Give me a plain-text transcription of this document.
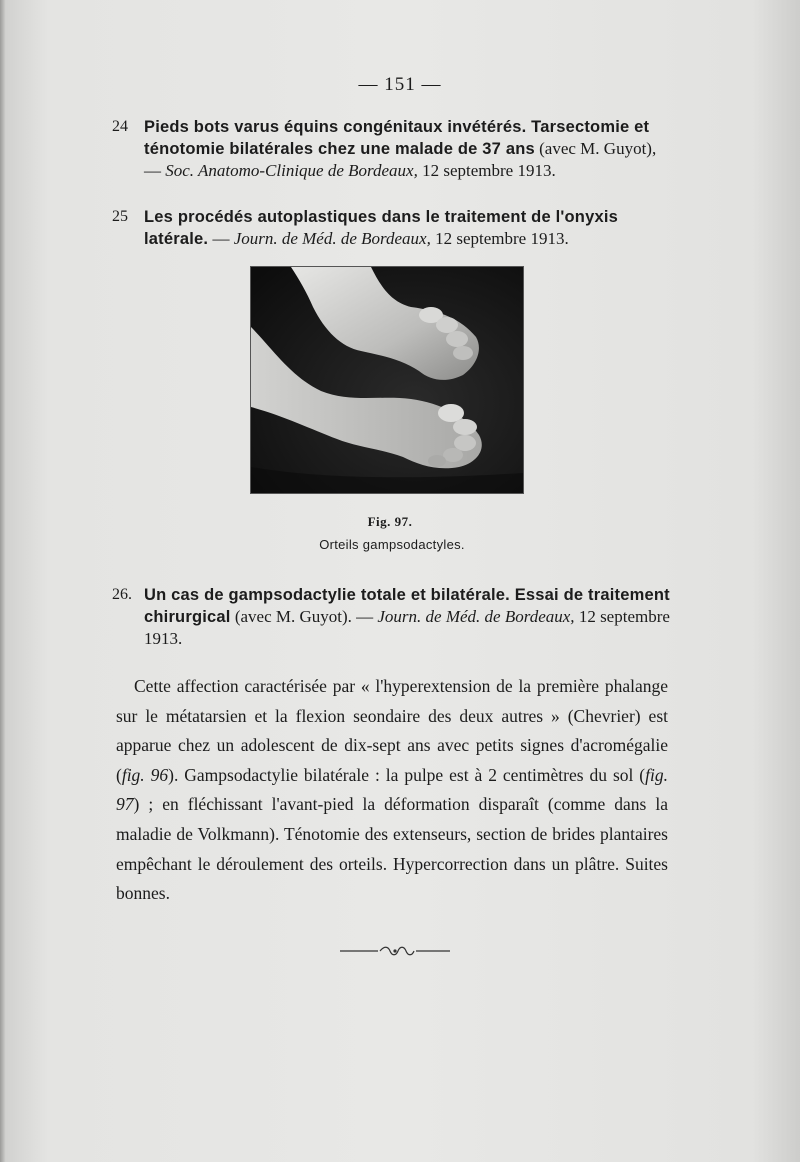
— 151 —
24 Pieds bots varus équins congénitaux invétérés. Tarsectomie et ténotomie bilatérales chez une malade de 37 ans (avec M. Guyot), — Soc. Anatomo-Clinique de Bordeaux, 12 septembre 1913.
25 Les procédés autoplastiques dans le traitement de l'onyxis latérale. — Journ. de Méd. de Bordeaux, 12 septembre 1913.
Fig. 97.
Orteils gampsodactyles.
26. Un cas de gampsodactylie totale et bilatérale. Essai de traitement chirurgical (avec M. Guyot). — Journ. de Méd. de Bordeaux, 12 septembre 1913.
Cette affection caractérisée par « l'hyperextension de la première phalange sur le métatarsien et la flexion seondaire des deux autres » (Chevrier) est apparue chez un adolescent de dix-sept ans avec petits signes d'acromégalie (fig. 96). Gampsodactylie bilatérale : la pulpe est à 2 centimètres du sol (fig. 97) ; en fléchissant l'avant-pied la déformation disparaît (comme dans la maladie de Volkmann). Ténotomie des extenseurs, section de brides plantaires empêchant le déroulement des orteils. Hypercorrection dans un plâtre. Suites bonnes.
